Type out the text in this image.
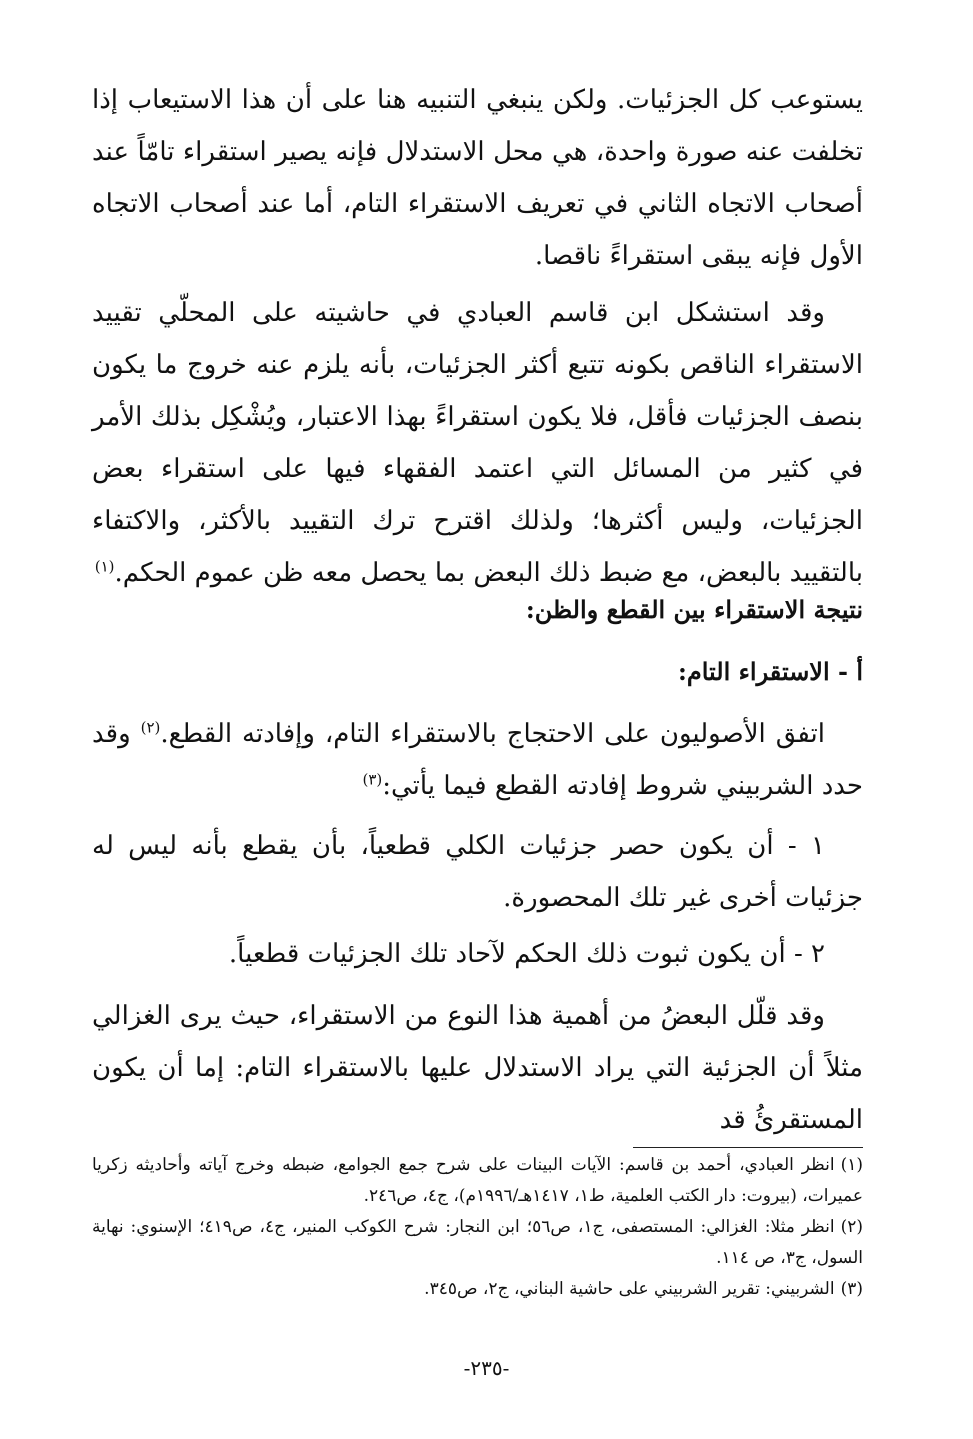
يستوعب كل الجزئيات. ولكن ينبغي التنبيه هنا على أن هذا الاستيعاب إذا تخلفت عنه صورة واحدة، هي محل الاستدلال فإنه يصير استقراء تامّاً عند أصحاب الاتجاه الثاني في تعريف الاستقراء التام، أما عند أصحاب الاتجاه الأول فإنه يبقى استقراءً ناقصا.

وقد استشكل ابن قاسم العبادي في حاشيته على المحلّي تقييد الاستقراء الناقص بكونه تتبع أكثر الجزئيات، بأنه يلزم عنه خروج ما يكون بنصف الجزئيات فأقل، فلا يكون استقراءً بهذا الاعتبار، ويُشْكِل بذلك الأمر في كثير من المسائل التي اعتمد الفقهاء فيها على استقراء بعض الجزئيات، وليس أكثرها؛ ولذلك اقترح ترك التقييد بالأكثر، والاكتفاء بالتقييد بالبعض، مع ضبط ذلك البعض بما يحصل معه ظن عموم الحكم.$^{(١)}$

نتيجة الاستقراء بين القطع والظن:

أ - الاستقراء التام:

اتفق الأصوليون على الاحتجاج بالاستقراء التام، وإفادته القطع.$^{(٢)}$ وقد حدد الشربيني شروط إفادته القطع فيما يأتي:$^{(٣)}$

١ - أن يكون حصر جزئيات الكلي قطعياً، بأن يقطع بأنه ليس له جزئيات أخرى غير تلك المحصورة.

٢ - أن يكون ثبوت ذلك الحكم لآحاد تلك الجزئيات قطعياً.

وقد قلّل البعضُ من أهمية هذا النوع من الاستقراء، حيث يرى الغزالي مثلاً أن الجزئية التي يراد الاستدلال عليها بالاستقراء التام: إما أن يكون المستقرئُ قد

(١)انظر العبادي، أحمد بن قاسم: الآيات البينات على شرح جمع الجوامع، ضبطه وخرج آياته وأحاديثه زكريا عميرات، (بيروت: دار الكتب العلمية، ط١، ١٤١٧هـ/١٩٩٦م)، ج٤، ص٢٤٦.

(٢)انظر مثلا: الغزالي: المستصفى، ج١، ص٥٦؛ ابن النجار: شرح الكوكب المنير، ج٤، ص٤١٩؛ الإسنوي: نهاية السول، ج٣، ص ١١٤.

(٣)الشربيني: تقرير الشربيني على حاشية البناني، ج٢، ص٣٤٥.

-٢٣٥-
